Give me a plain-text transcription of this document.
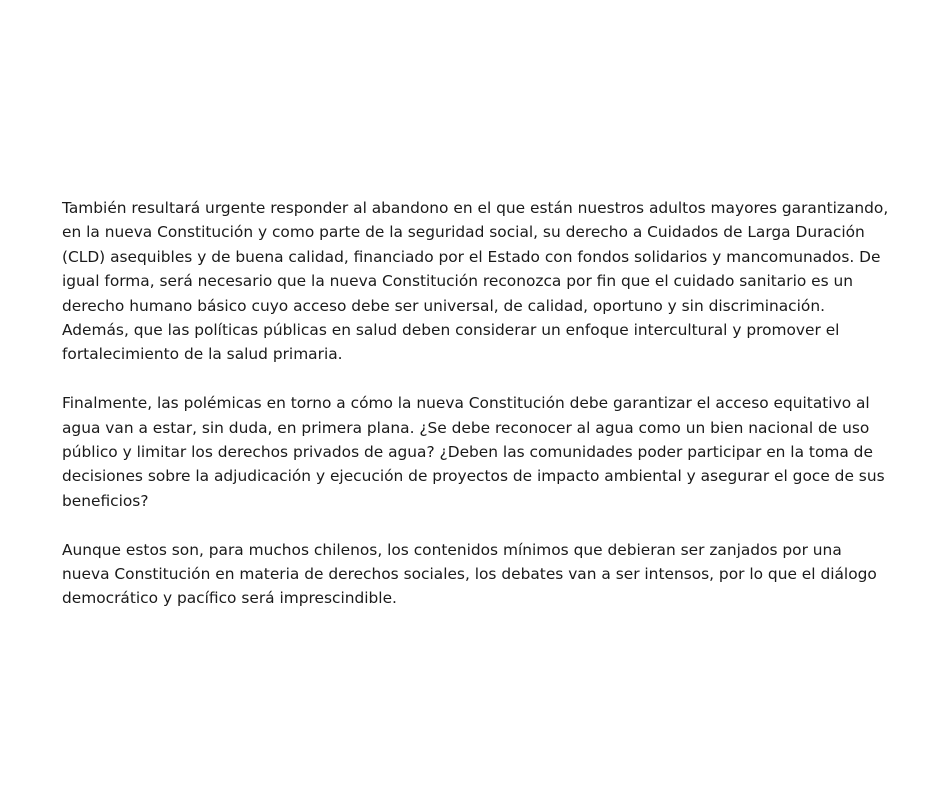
También resultará urgente responder al abandono en el que están nuestros adultos mayores garantizando,
en la nueva Constitución y como parte de la seguridad social, su derecho a Cuidados de Larga Duración
(CLD) asequibles y de buena calidad, financiado por el Estado con fondos solidarios y mancomunados. De
igual forma, será necesario que la nueva Constitución reconozca por fin que el cuidado sanitario es un
derecho humano básico cuyo acceso debe ser universal, de calidad, oportuno y sin discriminación.
Además, que las políticas públicas en salud deben considerar un enfoque intercultural y promover el
fortalecimiento de la salud primaria.

Finalmente, las polémicas en torno a cómo la nueva Constitución debe garantizar el acceso equitativo al
agua van a estar, sin duda, en primera plana. ¿Se debe reconocer al agua como un bien nacional de uso
público y limitar los derechos privados de agua? ¿Deben las comunidades poder participar en la toma de
decisiones sobre la adjudicación y ejecución de proyectos de impacto ambiental y asegurar el goce de sus
beneficios?

Aunque estos son, para muchos chilenos, los contenidos mínimos que debieran ser zanjados por una
nueva Constitución en materia de derechos sociales, los debates van a ser intensos, por lo que el diálogo
democrático y pacífico será imprescindible.
